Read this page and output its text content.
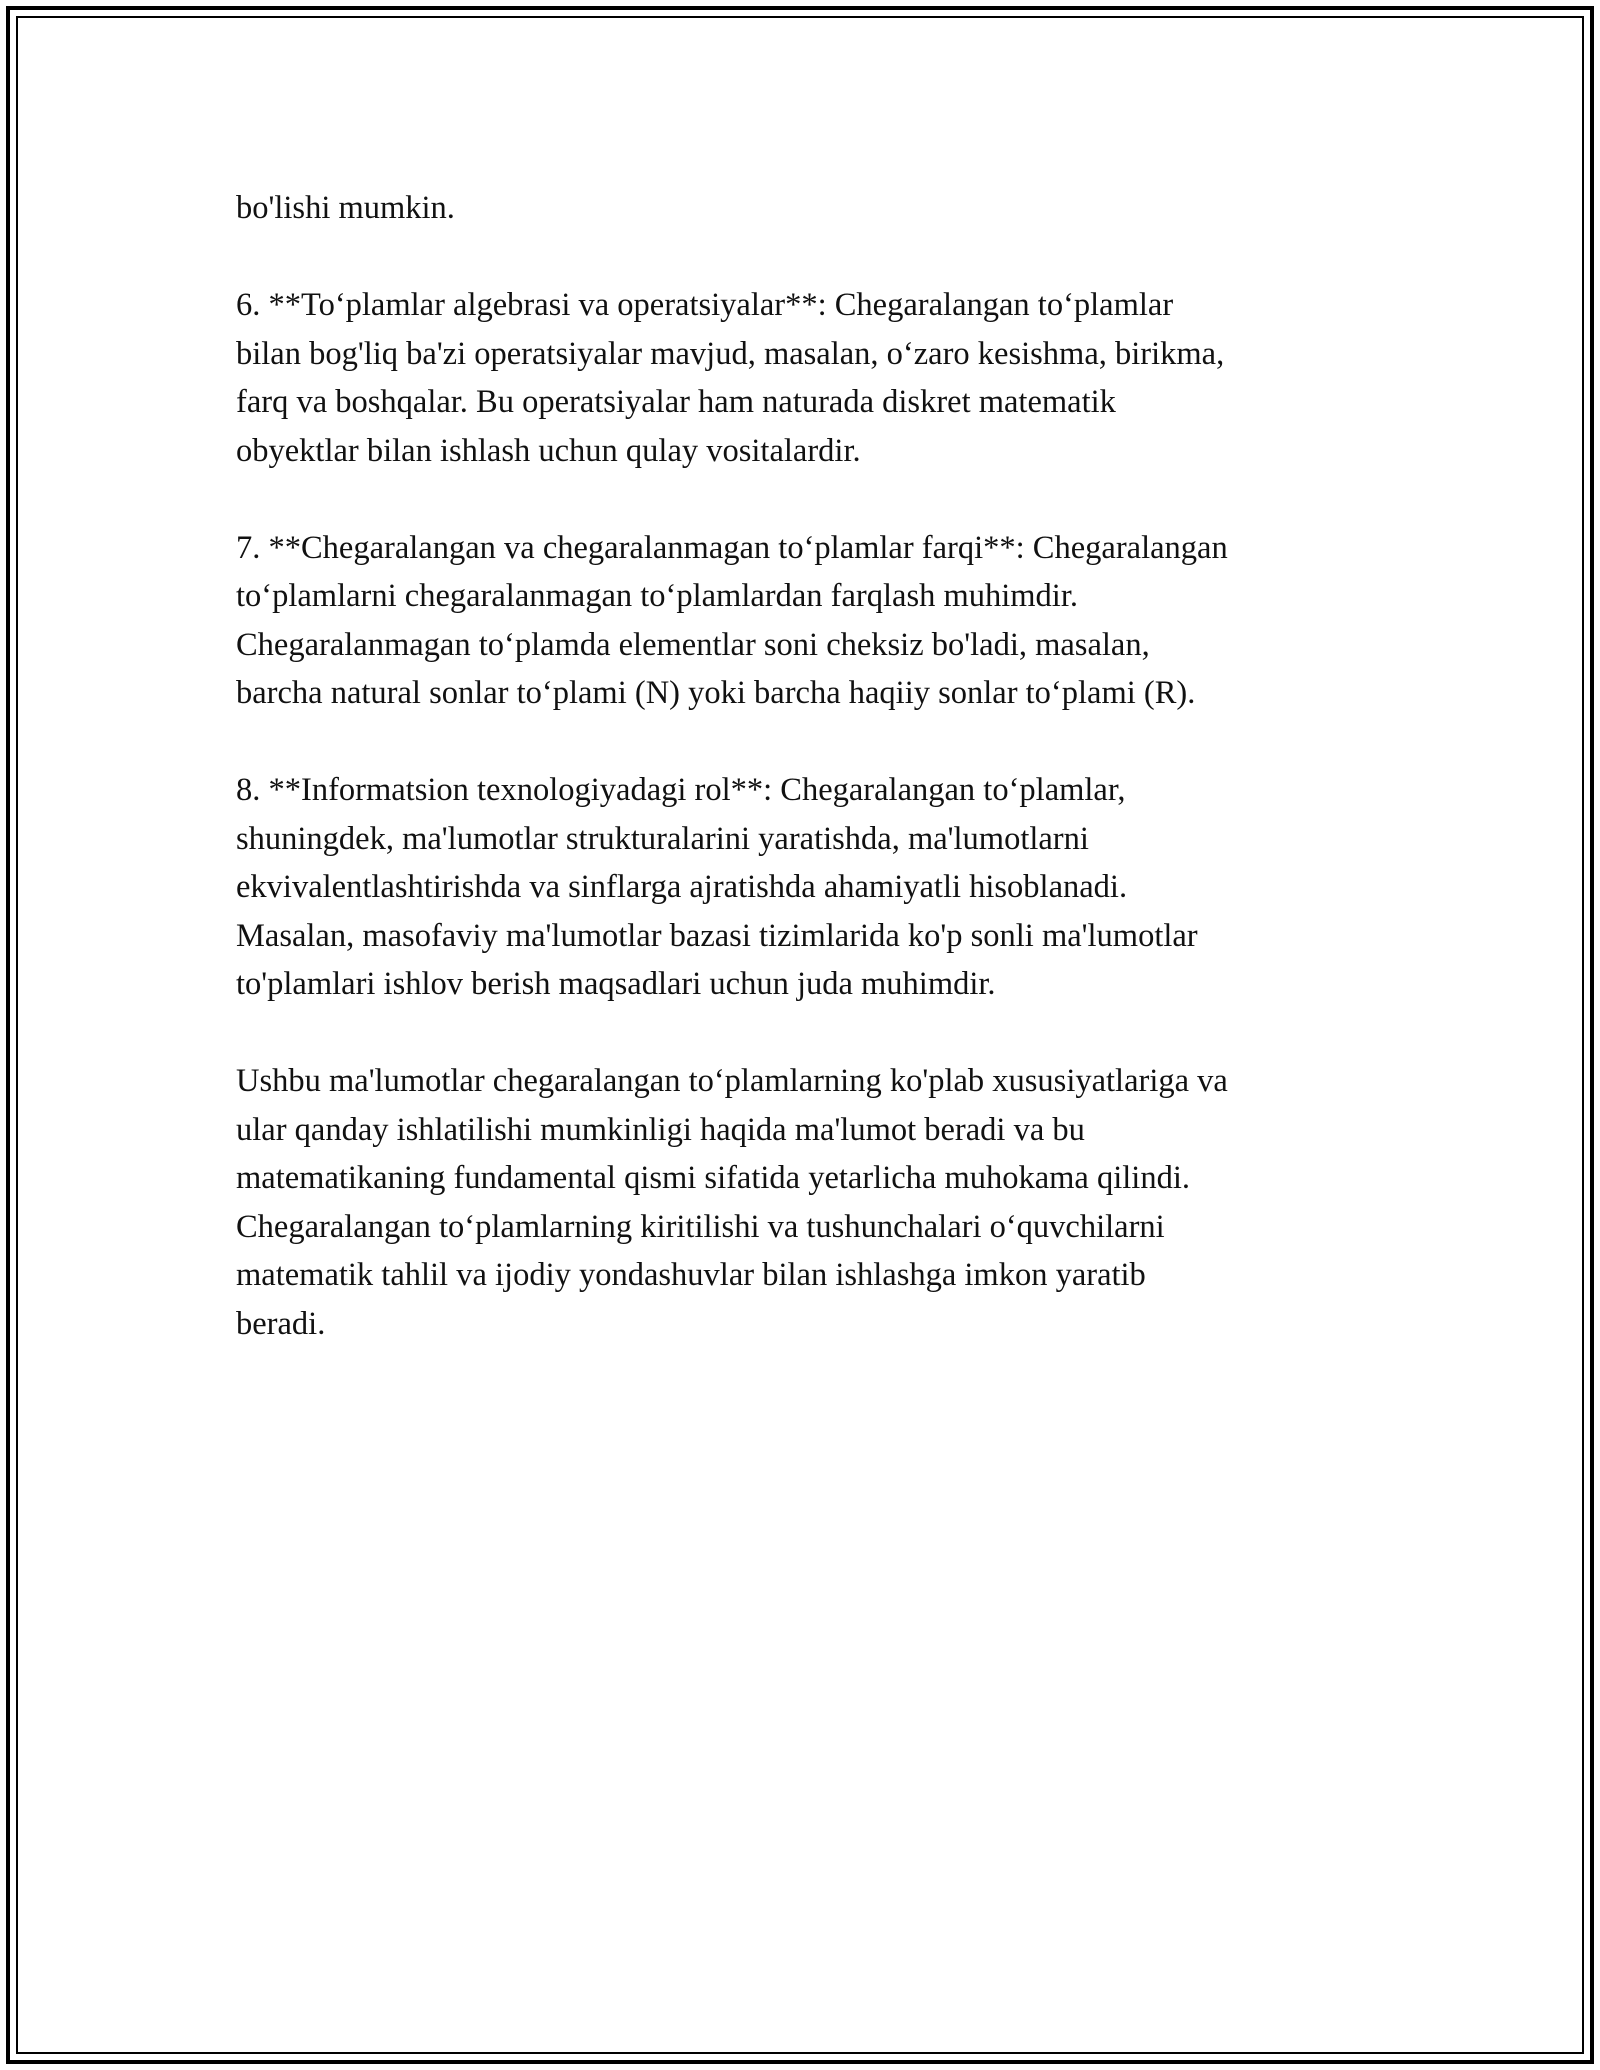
bo'lishi mumkin.

6. **To‘plamlar algebrasi va operatsiyalar**: Chegaralangan to‘plamlar
bilan bog'liq ba'zi operatsiyalar mavjud, masalan, o‘zaro kesishma, birikma,
farq va boshqalar. Bu operatsiyalar ham naturada diskret matematik
obyektlar bilan ishlash uchun qulay vositalardir.

7. **Chegaralangan va chegaralanmagan to‘plamlar farqi**: Chegaralangan
to‘plamlarni chegaralanmagan to‘plamlardan farqlash muhimdir.
Chegaralanmagan to‘plamda elementlar soni cheksiz bo'ladi, masalan,
barcha natural sonlar to‘plami (N) yoki barcha haqiiy sonlar to‘plami (R).

8. **Informatsion texnologiyadagi rol**: Chegaralangan to‘plamlar,
shuningdek, ma'lumotlar strukturalarini yaratishda, ma'lumotlarni
ekvivalentlashtirishda va sinflarga ajratishda ahamiyatli hisoblanadi.
Masalan, masofaviy ma'lumotlar bazasi tizimlarida ko'p sonli ma'lumotlar
to'plamlari ishlov berish maqsadlari uchun juda muhimdir.

Ushbu ma'lumotlar chegaralangan to‘plamlarning ko'plab xususiyatlariga va
ular qanday ishlatilishi mumkinligi haqida ma'lumot beradi va bu
matematikaning fundamental qismi sifatida yetarlicha muhokama qilindi.
Chegaralangan to‘plamlarning kiritilishi va tushunchalari o‘quvchilarni
matematik tahlil va ijodiy yondashuvlar bilan ishlashga imkon yaratib
beradi.
